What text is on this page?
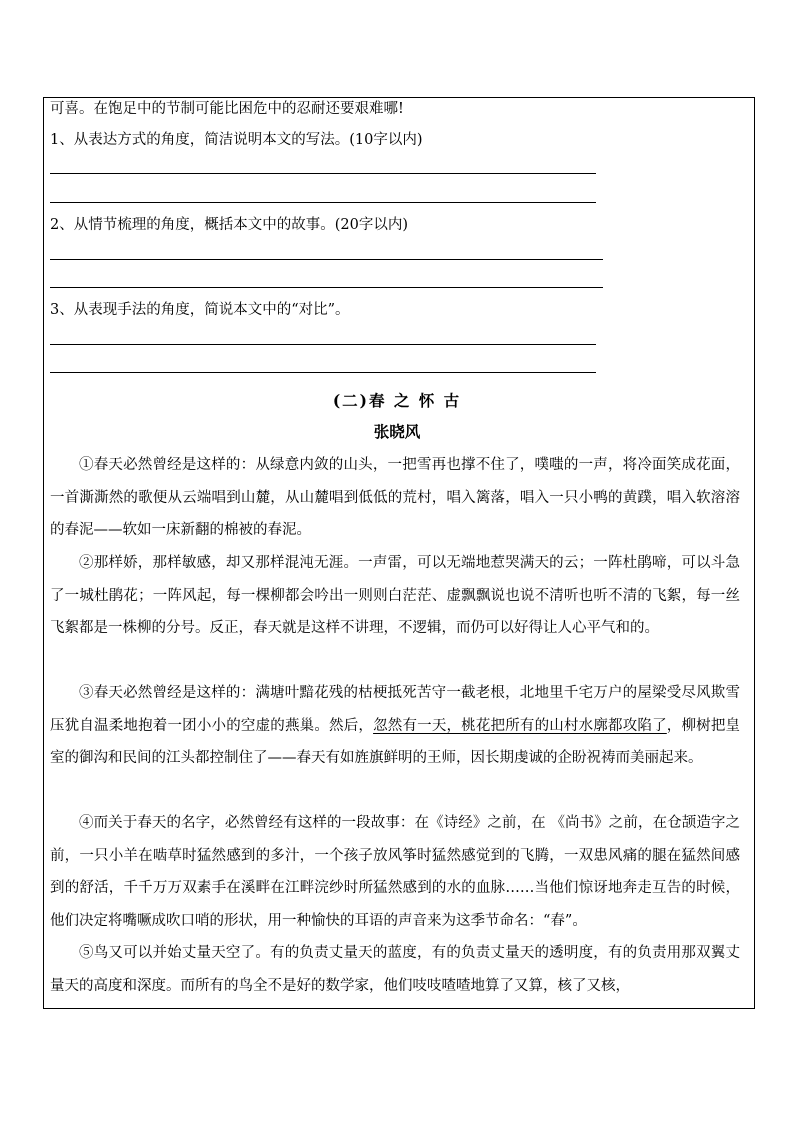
可喜。在饱足中的节制可能比困危中的忍耐还要艰难哪!
1、从表达方式的角度，简洁说明本文的写法。(10字以内)
2、从情节梳理的角度，概括本文中的故事。(20字以内)
3、从表现手法的角度，简说本文中的“对比”。
(二)春 之 怀 古
张晓风

①春天必然曾经是这样的：从绿意内敛的山头，一把雪再也撑不住了，噗嗤的一声，将冷面笑成花面，一首澌澌然的歌便从云端唱到山麓，从山麓唱到低低的荒村，唱入篱落，唱入一只小鸭的黄蹼，唱入软溶溶的春泥——软如一床新翻的棉被的春泥。

②那样娇，那样敏感，却又那样混沌无涯。一声雷，可以无端地惹哭满天的云；一阵杜鹃啼，可以斗急了一城杜鹃花；一阵风起，每一棵柳都会吟出一则则白茫茫、虚飘飘说也说不清听也听不清的飞絮，每一丝飞絮都是一株柳的分号。反正，春天就是这样不讲理，不逻辑，而仍可以好得让人心平气和的。

③春天必然曾经是这样的：满塘叶黯花残的枯梗抵死苦守一截老根，北地里千宅万户的屋梁受尽风欺雪压犹自温柔地抱着一团小小的空虚的燕巢。然后，忽然有一天，桃花把所有的山村水廓都攻陷了，柳树把皇室的御沟和民间的江头都控制住了——春天有如旌旗鲜明的王师，因长期虔诚的企盼祝祷而美丽起来。

④而关于春天的名字，必然曾经有这样的一段故事：在《诗经》之前，在 《尚书》之前，在仓颉造字之前，一只小羊在啮草时猛然感到的多汁，一个孩子放风筝时猛然感觉到的飞腾，一双患风痛的腿在猛然间感到的舒活，千千万万双素手在溪畔在江畔浣纱时所猛然感到的水的血脉……当他们惊讶地奔走互告的时候，他们决定将嘴噘成吹口哨的形状，用一种愉快的耳语的声音来为这季节命名：“春”。

⑤鸟又可以并始丈量天空了。有的负责丈量天的蓝度，有的负责丈量天的透明度，有的负责用那双翼丈量天的高度和深度。而所有的鸟全不是好的数学家，他们吱吱喳喳地算了又算，核了又核，
